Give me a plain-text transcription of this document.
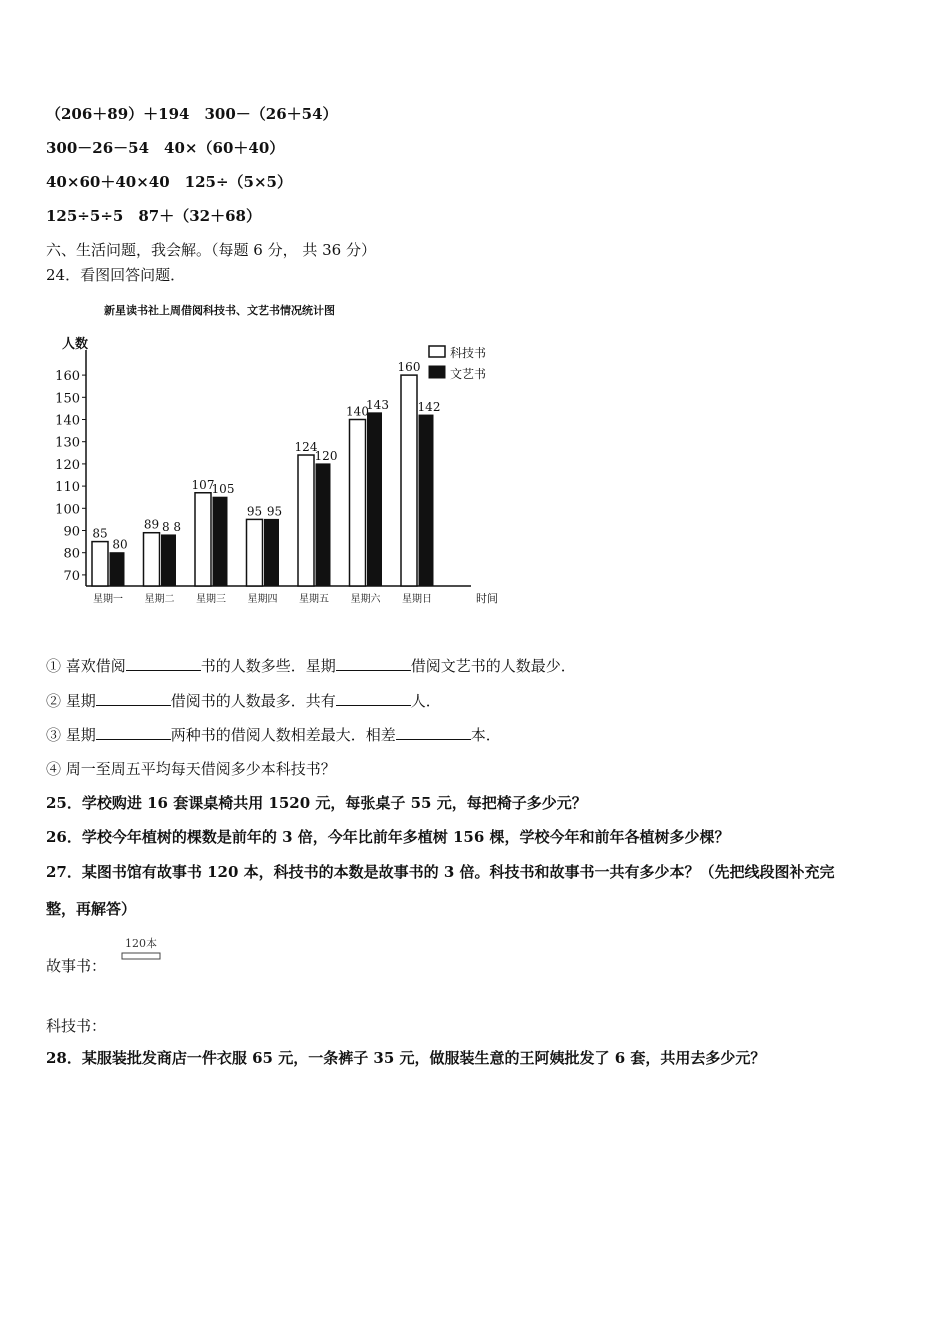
（206＋89）＋194　300－（26＋54）
300－26－54　40×（60＋40）
40×60＋40×40　125÷（5×5）
125÷5÷5　87＋（32＋68）
六、生活问题，我会解。（每题 6 分， 共 36 分）
24．看图回答问题．
新星读书社上周借阅科技书、文艺书情况统计图
人数
70
80
90
100
110
120
130
140
150
160
85
80
星期一
89 8 8
星期二
107
105
星期三
95 95
星期四
124
120
星期五
140
143
星期六
160
142
星期日	时间
科技书
文艺书
① 喜欢借阅	书的人数多些．星期	借阅文艺书的人数最少．
② 星期	借阅书的人数最多．共有	人．
③ 星期	两种书的借阅人数相差最大．相差	本．
④ 周一至周五平均每天借阅多少本科技书？
25．学校购进 16 套课桌椅共用 1520 元，每张桌子 55 元，每把椅子多少元？
26．学校今年植树的棵数是前年的 3 倍，今年比前年多植树 156 棵，学校今年和前年各植树多少棵？
27．某图书馆有故事书 120 本，科技书的本数是故事书的 3 倍。科技书和故事书一共有多少本？（先把线段图补充完
整，再解答）
120本
故事书：
科技书：
28．某服装批发商店一件衣服 65 元，一条裤子 35 元，做服装生意的王阿姨批发了 6 套，共用去多少元？
